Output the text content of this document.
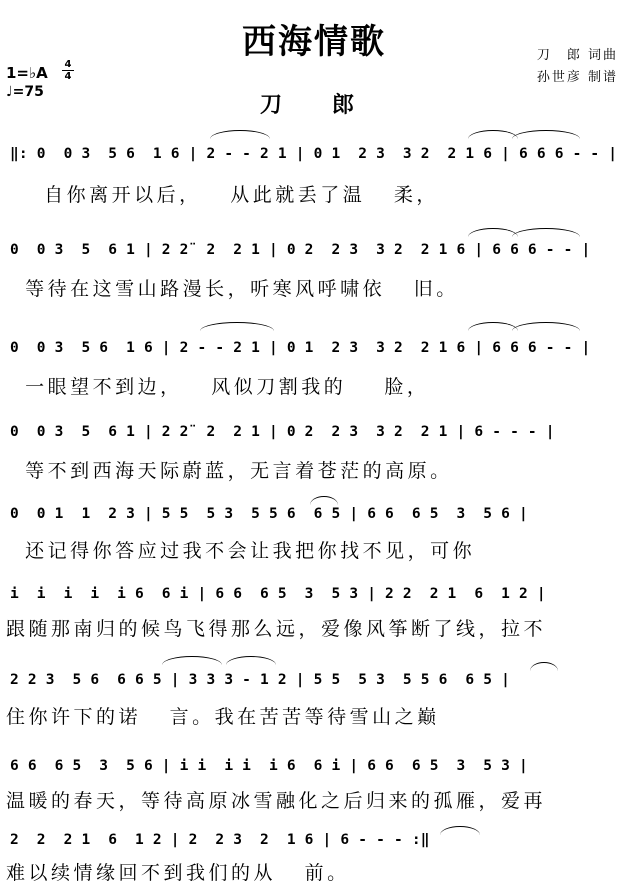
西海情歌	刀　郎 词曲
孙世彦 制谱
1=♭A 4
4
♩=75	刀　郎
‖: 0  0 3  5 6  1 6 | 2 - - 2 1 | 0 1  2 3  3 2  2 1 6 | 6 6 6 - - |
自你离开以后，   从此就丢了温   柔，
0  0 3  5  6 1 | 2 2̈  2  2 1 | 0 2  2 3  3 2  2 1 6 | 6 6 6 - - |
等待在这雪山路漫长，听寒风呼啸依   旧。
0  0 3  5 6  1 6 | 2 - - 2 1 | 0 1  2 3  3 2  2 1 6 | 6 6 6 - - |
一眼望不到边，   风似刀割我的    脸，
0  0 3  5  6 1 | 2 2̈  2  2 1 | 0 2  2 3  3 2  2 1 | 6 - - - |
等不到西海天际蔚蓝，无言着苍茫的高原。
0  0 1  1  2 3 | 5 5  5 3  5 5 6  6 5 | 6 6  6 5  3  5 6 |
还记得你答应过我不会让我把你找不见，可你
i  i  i  i  i 6  6 i | 6 6  6 5  3  5 3 | 2 2  2 1  6  1 2 |
跟随那南归的候鸟飞得那么远，爱像风筝断了线，拉不
2 2 3  5 6  6 6 5 | 3 3 3 - 1 2 | 5 5  5 3  5 5 6  6 5 |
住你许下的诺   言。我在苦苦等待雪山之巅
6 6  6 5  3  5 6 | i i  i i  i 6  6 i | 6 6  6 5  3  5 3 |
温暖的春天，等待高原冰雪融化之后归来的孤雁，爱再
2  2  2 1  6  1 2 | 2  2 3  2  1 6 | 6 - - - :‖
难以续情缘回不到我们的从   前。
